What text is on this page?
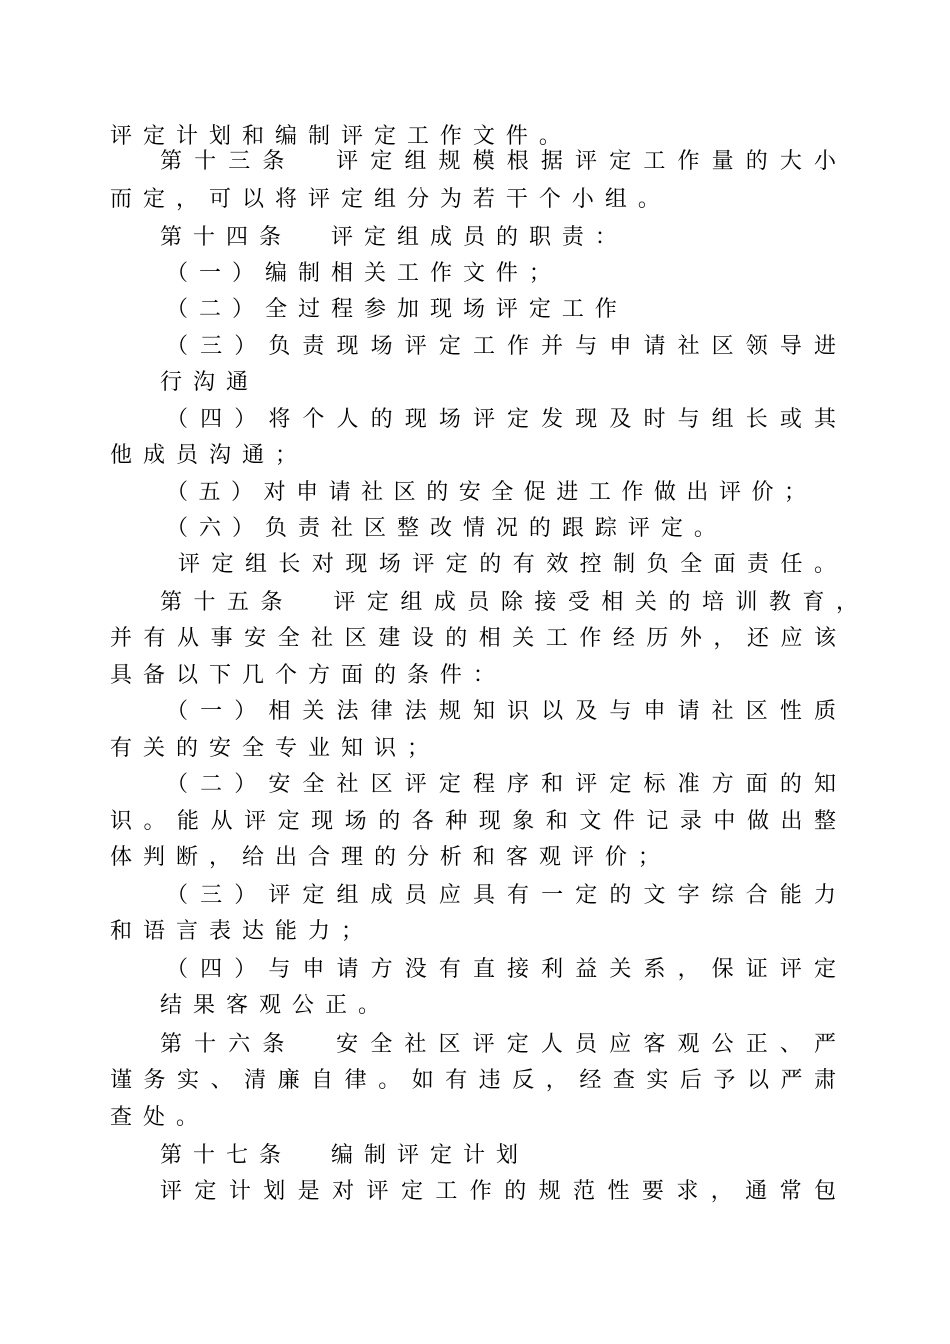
评 定 计 划 和 编 制 评 定 工 作 文 件 。
第 十 三 条　　评 定 组 规 模 根 据 评 定 工 作 量 的 大 小
而 定 ， 可 以 将 评 定 组 分 为 若 干 个 小 组 。
第 十 四 条　　评 定 组 成 员 的 职 责 ：
（ 一 ） 编 制 相 关 工 作 文 件 ；
（ 二 ） 全 过 程 参 加 现 场 评 定 工 作
（ 三 ） 负 责 现 场 评 定 工 作 并 与 申 请 社 区 领 导 进
行 沟 通
（ 四 ） 将 个 人 的 现 场 评 定 发 现 及 时 与 组 长 或 其
他 成 员 沟 通 ；
（ 五 ） 对 申 请 社 区 的 安 全 促 进 工 作 做 出 评 价 ；
（ 六 ） 负 责 社 区 整 改 情 况 的 跟 踪 评 定 。
评 定 组 长 对 现 场 评 定 的 有 效 控 制 负 全 面 责 任 。
第 十 五 条　　评 定 组 成 员 除 接 受 相 关 的 培 训 教 育 ，
并 有 从 事 安 全 社 区 建 设 的 相 关 工 作 经 历 外 ， 还 应 该
具 备 以 下 几 个 方 面 的 条 件 ：
（ 一 ） 相 关 法 律 法 规 知 识 以 及 与 申 请 社 区 性 质
有 关 的 安 全 专 业 知 识 ；
（ 二 ） 安 全 社 区 评 定 程 序 和 评 定 标 准 方 面 的 知
识 。 能 从 评 定 现 场 的 各 种 现 象 和 文 件 记 录 中 做 出 整
体 判 断 ， 给 出 合 理 的 分 析 和 客 观 评 价 ；
（ 三 ） 评 定 组 成 员 应 具 有 一 定 的 文 字 综 合 能 力
和 语 言 表 达 能 力 ；
（ 四 ） 与 申 请 方 没 有 直 接 利 益 关 系 ， 保 证 评 定
结 果 客 观 公 正 。
第 十 六 条　　安 全 社 区 评 定 人 员 应 客 观 公 正 、 严
谨 务 实 、 清 廉 自 律 。 如 有 违 反 ， 经 查 实 后 予 以 严 肃
查 处 。
第 十 七 条　　编 制 评 定 计 划
评 定 计 划 是 对 评 定 工 作 的 规 范 性 要 求 ， 通 常 包
